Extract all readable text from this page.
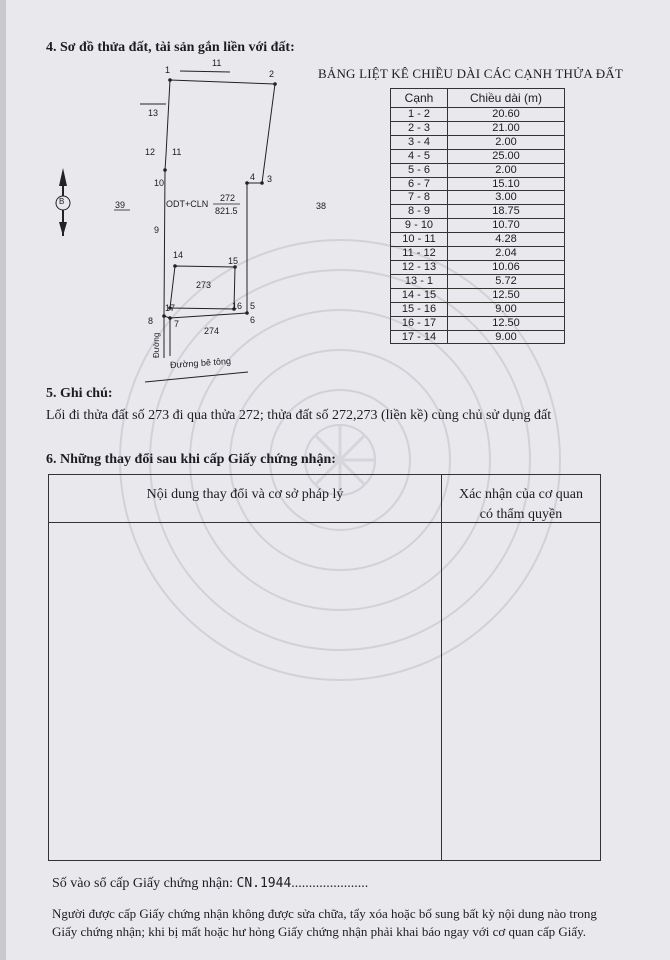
4. Sơ đồ thửa đất, tài sản gắn liền với đất:
1	2
11
3
4
5
6
7
8
9
10
11
12
13
14
15
16
17
ODT+CLN
272
821.5
273
274
39	38
B
Đường
Đường bê tông
BẢNG LIỆT KÊ CHIỀU DÀI CÁC CẠNH THỬA ĐẤT
Cạnh	Chiều dài (m)
1 - 2	20.60
2 - 3	21.00
3 - 4	2.00
4 - 5	25.00
5 - 6	2.00
6 - 7	15.10
7 - 8	3.00
8 - 9	18.75
9 - 10	10.70
10 - 11	4.28
11 - 12	2.04
12 - 13	10.06
13 - 1	5.72
14 - 15	12.50
15 - 16	9.00
16 - 17	12.50
17 - 14	9.00
5. Ghi chú:
Lối đi thửa đất số 273 đi qua thửa 272; thửa đất số 272,273 (liền kề) cùng chủ sử dụng đất
6. Những thay đổi sau khi cấp Giấy chứng nhận:
Nội dung thay đổi và cơ sở pháp lý	Xác nhận của cơ quan
có thẩm quyền
Số vào sổ cấp Giấy chứng nhận: CN.1944......................
Người được cấp Giấy chứng nhận không được sửa chữa, tẩy xóa hoặc bổ sung bất kỳ nội dung nào trong
Giấy chứng nhận; khi bị mất hoặc hư hỏng Giấy chứng nhận phải khai báo ngay với cơ quan cấp Giấy.
